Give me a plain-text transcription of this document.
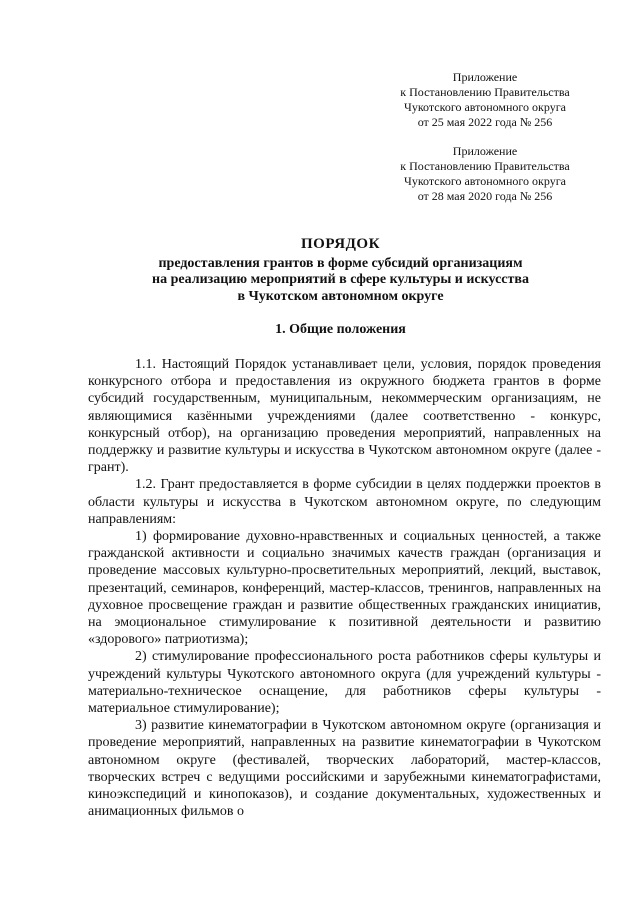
Приложение
к Постановлению Правительства
Чукотского автономного округа
от 25 мая 2022 года № 256
Приложение
к Постановлению Правительства
Чукотского автономного округа
от 28 мая 2020 года № 256
ПОРЯДОК
предоставления грантов в форме субсидий организациям
на реализацию мероприятий в сфере культуры и искусства
в Чукотском автономном округе
1. Общие положения

1.1. Настоящий Порядок устанавливает цели, условия, порядок проведения конкурсного отбора и предоставления из окружного бюджета грантов в форме субсидий государственным, муниципальным, некоммерческим организациям, не являющимися казёнными учреждениями (далее соответственно - конкурс, конкурсный отбор), на организацию проведения мероприятий, направленных на поддержку и развитие культуры и искусства в Чукотском автономном округе (далее - грант).

1.2. Грант предоставляется в форме субсидии в целях поддержки проектов в области культуры и искусства в Чукотском автономном округе, по следующим направлениям:

1) формирование духовно-нравственных и социальных ценностей, а также гражданской активности и социально значимых качеств граждан (организация и проведение массовых культурно-просветительных мероприятий, лекций, выставок, презентаций, семинаров, конференций, мастер-классов, тренингов, направленных на духовное просвещение граждан и развитие общественных гражданских инициатив, на эмоциональное стимулирование к позитивной деятельности и развитию «здорового» патриотизма);

2) стимулирование профессионального роста работников сферы культуры и учреждений культуры Чукотского автономного округа (для учреждений культуры - материально-техническое оснащение, для работников сферы культуры - материальное стимулирование);

3) развитие кинематографии в Чукотском автономном округе (организация и проведение мероприятий, направленных на развитие кинематографии в Чукотском автономном округе (фестивалей, творческих лабораторий, мастер-классов, творческих встреч с ведущими российскими и зарубежными кинематографистами, киноэкспедиций и кинопоказов), и создание документальных, художественных и анимационных фильмов о
